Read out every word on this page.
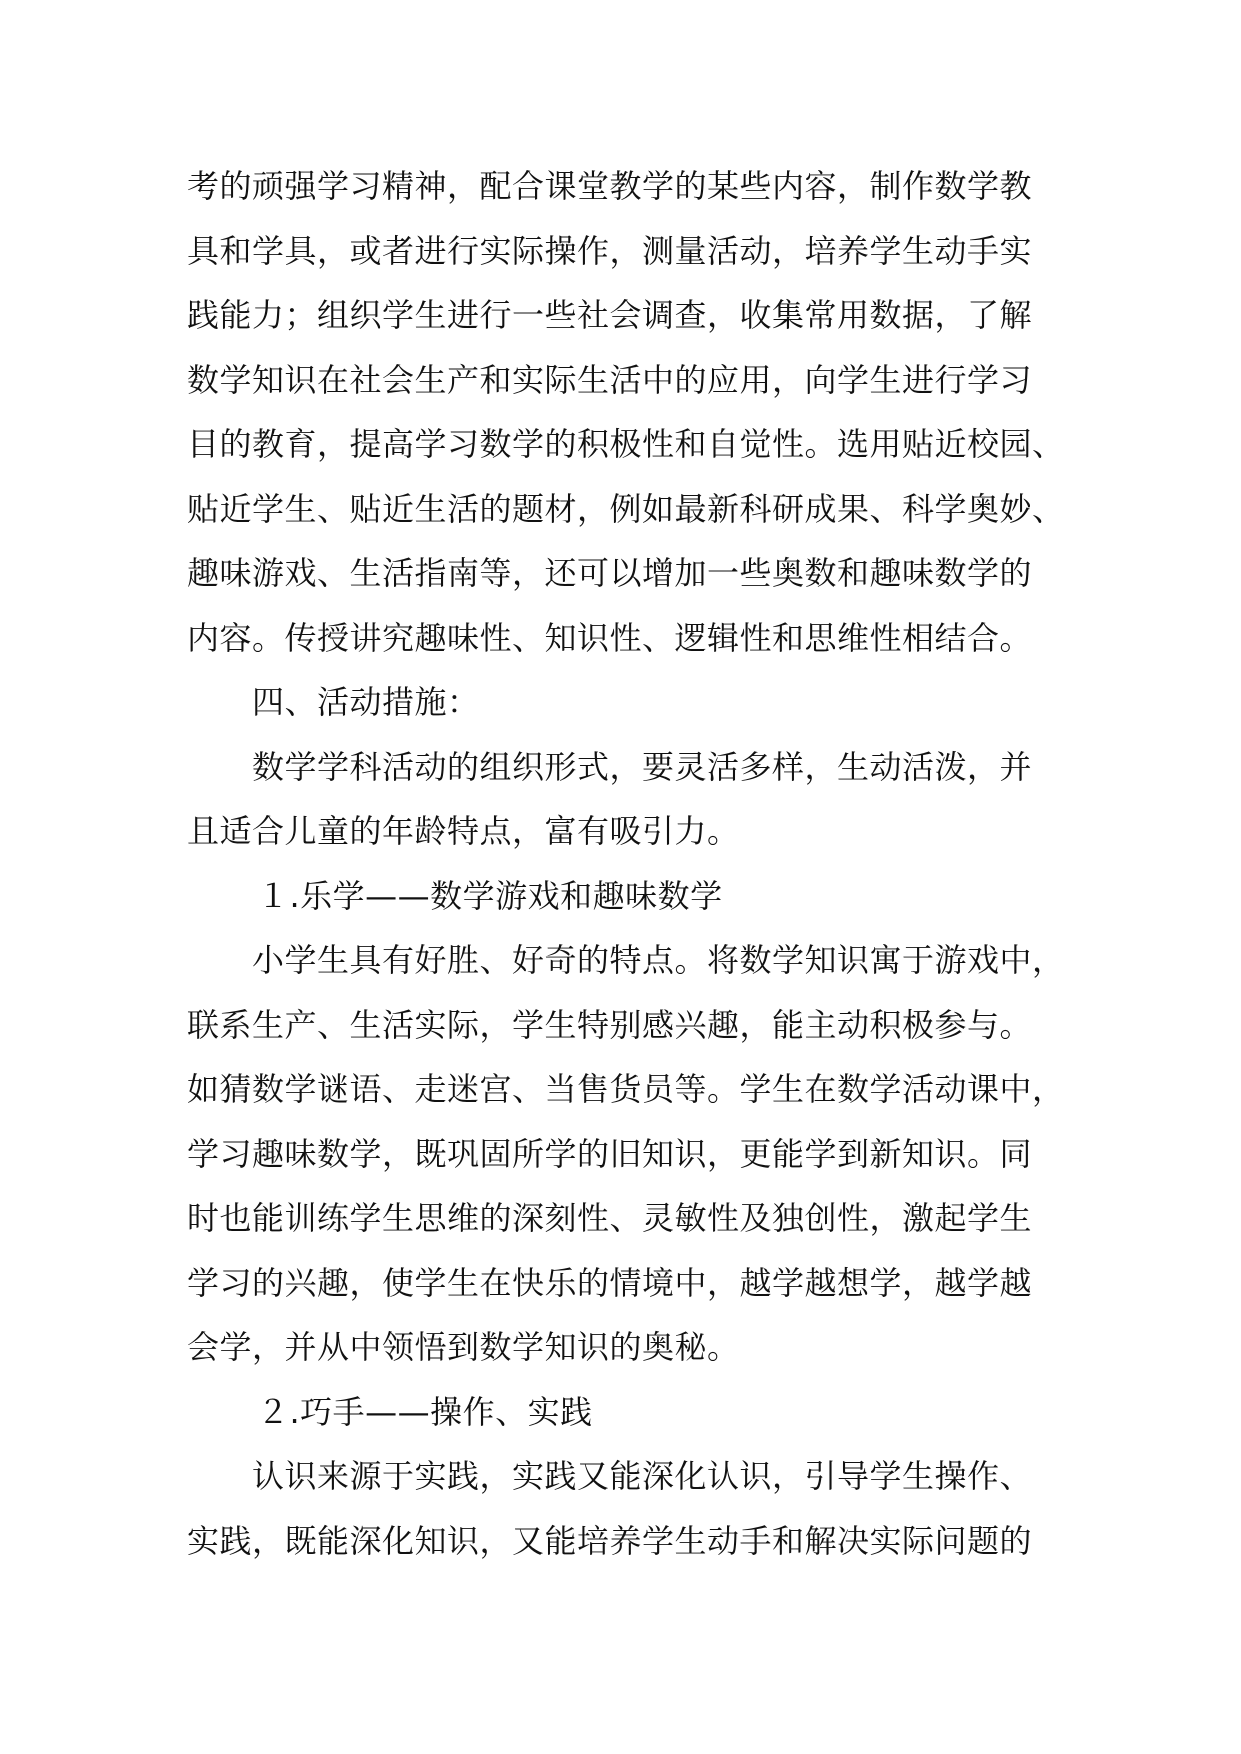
考的顽强学习精神，配合课堂教学的某些内容，制作数学教
具和学具，或者进行实际操作，测量活动，培养学生动手实
践能力；组织学生进行一些社会调查，收集常用数据，了解
数学知识在社会生产和实际生活中的应用，向学生进行学习
目的教育，提高学习数学的积极性和自觉性。选用贴近校园、
贴近学生、贴近生活的题材，例如最新科研成果、科学奥妙、
趣味游戏、生活指南等，还可以增加一些奥数和趣味数学的
内容。传授讲究趣味性、知识性、逻辑性和思维性相结合。
四、活动措施：
数学学科活动的组织形式，要灵活多样，生动活泼，并
且适合儿童的年龄特点，富有吸引力。
１.乐学——数学游戏和趣味数学
小学生具有好胜、好奇的特点。将数学知识寓于游戏中，
联系生产、生活实际，学生特别感兴趣，能主动积极参与。
如猜数学谜语、走迷宫、当售货员等。学生在数学活动课中，
学习趣味数学，既巩固所学的旧知识，更能学到新知识。同
时也能训练学生思维的深刻性、灵敏性及独创性，激起学生
学习的兴趣，使学生在快乐的情境中，越学越想学，越学越
会学，并从中领悟到数学知识的奥秘。
２.巧手——操作、实践
认识来源于实践，实践又能深化认识，引导学生操作、
实践，既能深化知识，又能培养学生动手和解决实际问题的
